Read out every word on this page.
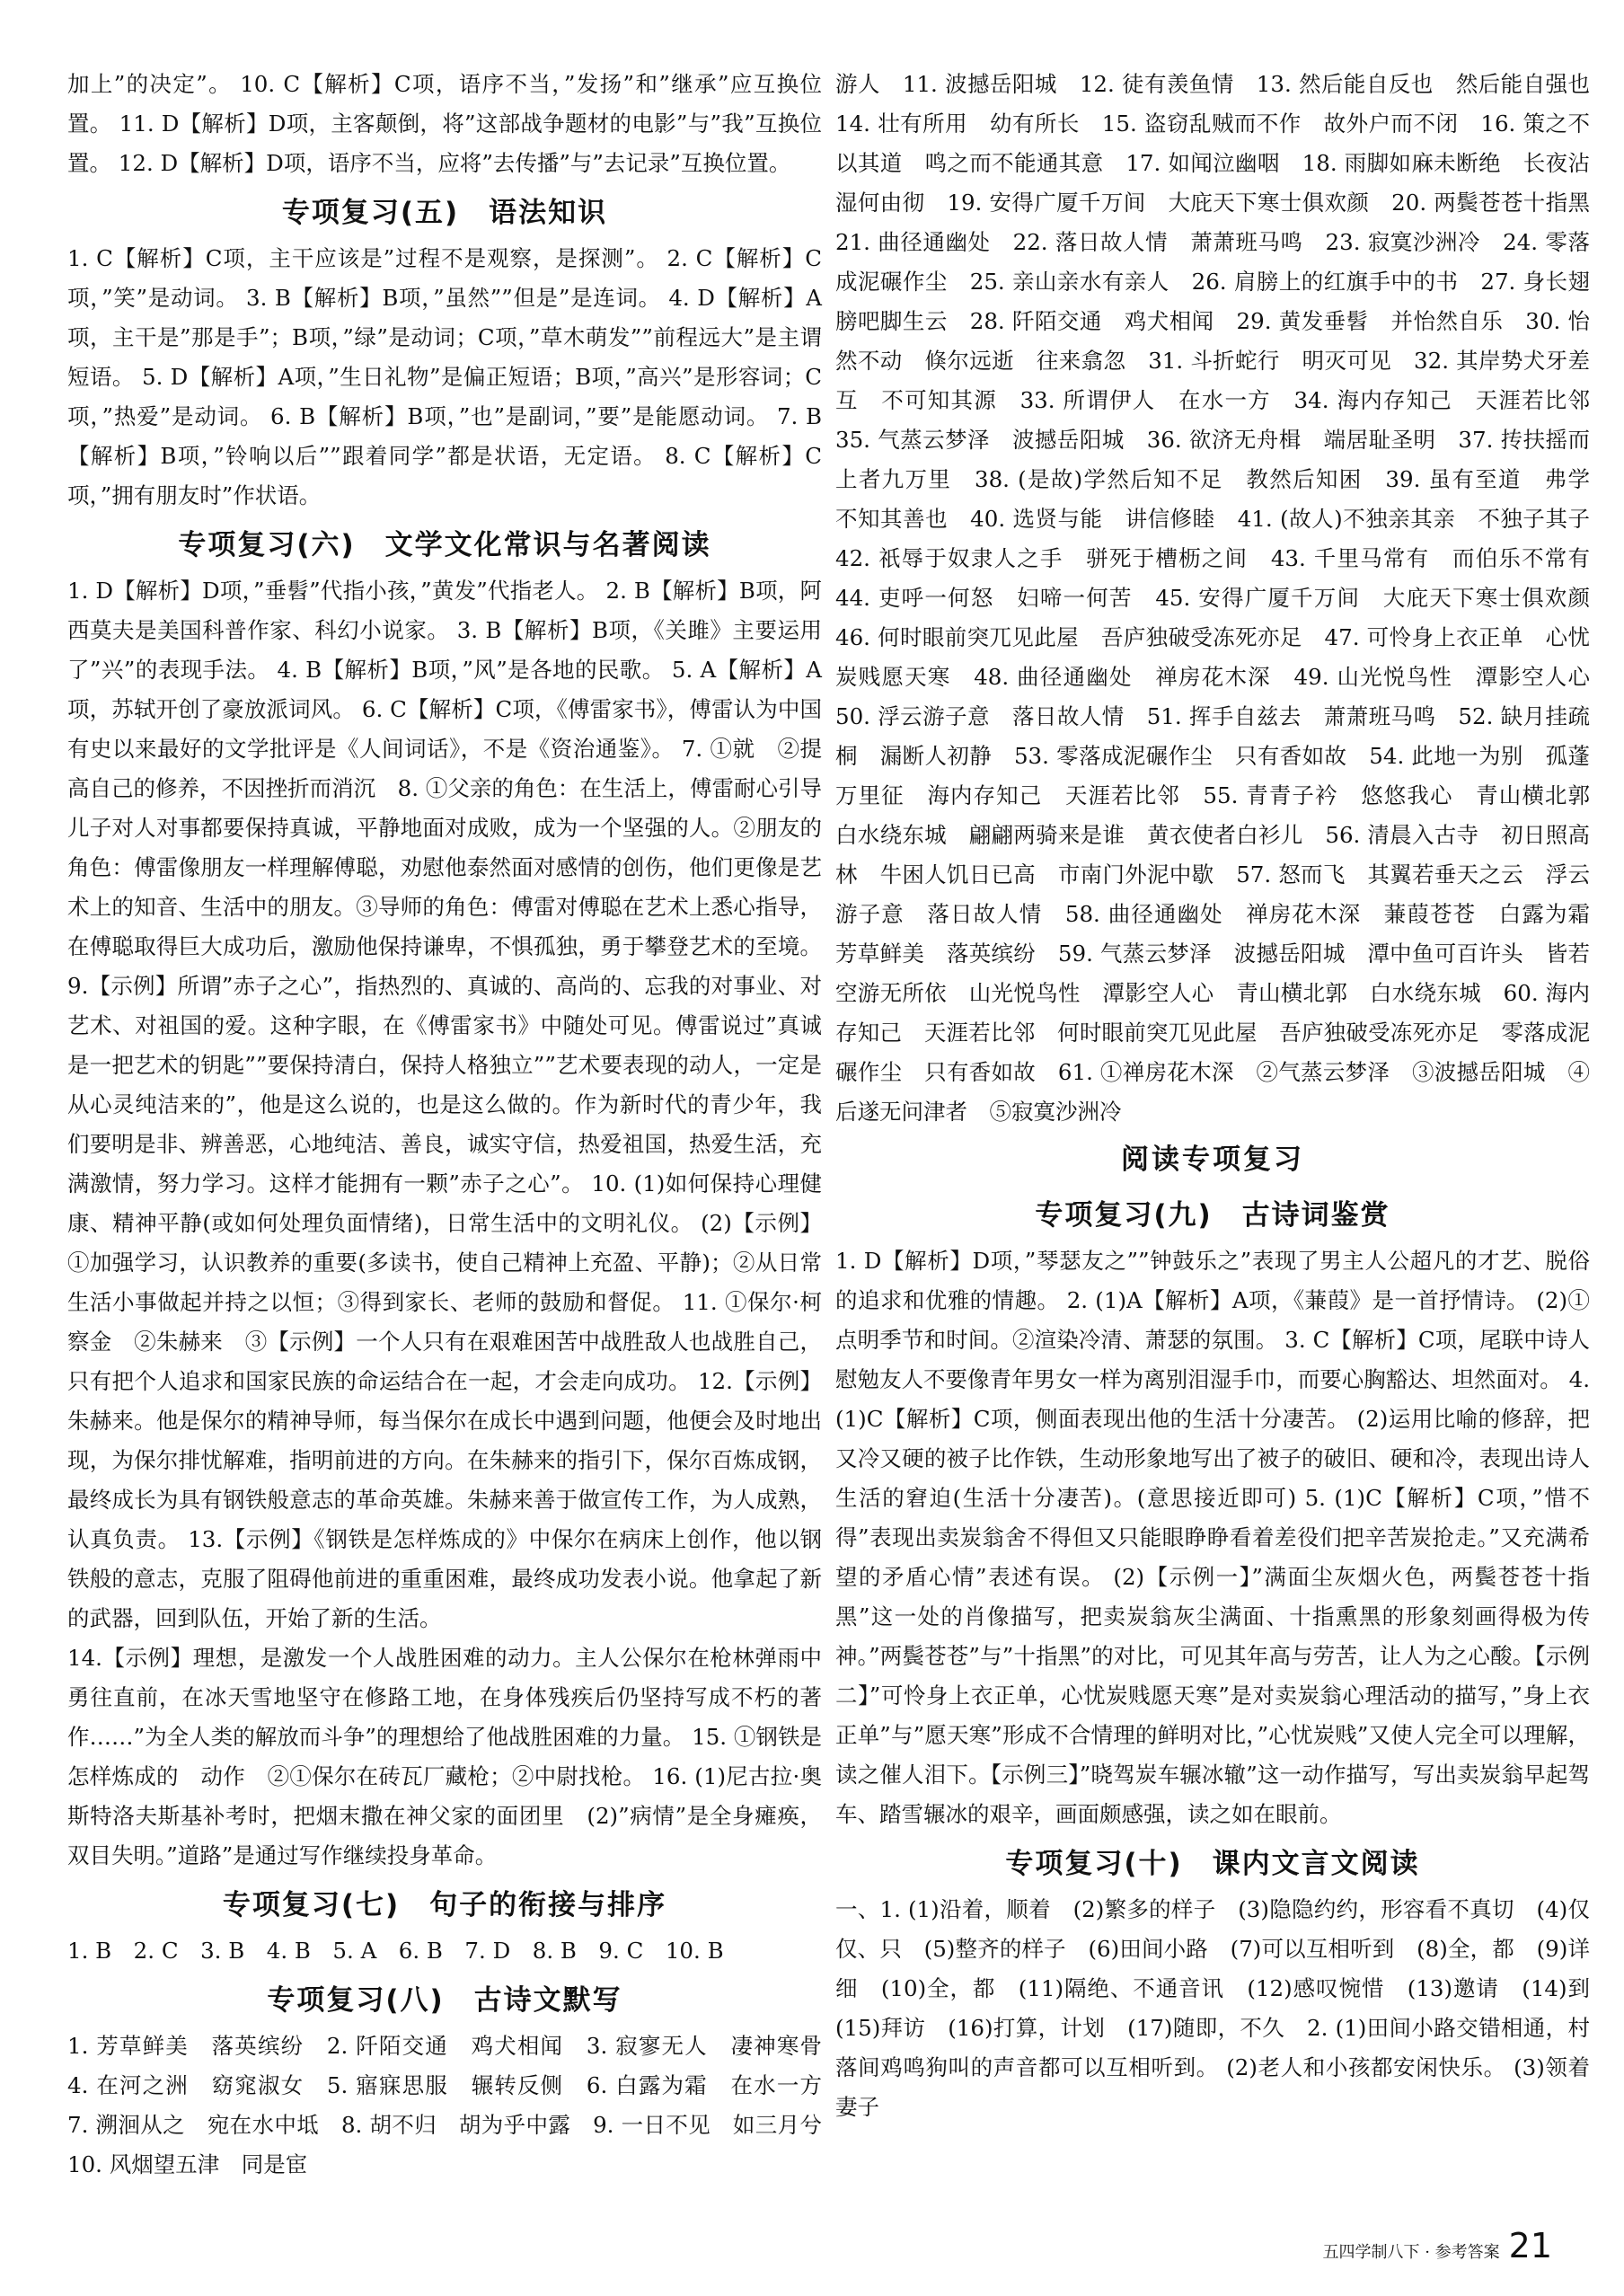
加上”的决定”。 10. C【解析】C项，语序不当，”发扬”和”继承”应互换位置。 11. D【解析】D项，主客颠倒，将”这部战争题材的电影”与”我”互换位置。 12. D【解析】D项，语序不当，应将”去传播”与”去记录”互换位置。

专项复习(五)　语法知识

1. C【解析】C项，主干应该是”过程不是观察，是探测”。 2. C【解析】C项，”笑”是动词。 3. B【解析】B项，”虽然””但是”是连词。 4. D【解析】A项，主干是”那是手”；B项，”绿”是动词；C项，”草木萌发””前程远大”是主谓短语。 5. D【解析】A项，”生日礼物”是偏正短语；B项，”高兴”是形容词；C项，”热爱”是动词。 6. B【解析】B项，”也”是副词，”要”是能愿动词。 7. B【解析】B项，”铃响以后””跟着同学”都是状语，无定语。 8. C【解析】C项，”拥有朋友时”作状语。

专项复习(六)　文学文化常识与名著阅读

1. D【解析】D项，”垂髫”代指小孩，”黄发”代指老人。 2. B【解析】B项，阿西莫夫是美国科普作家、科幻小说家。 3. B【解析】B项，《关雎》主要运用了”兴”的表现手法。 4. B【解析】B项，”风”是各地的民歌。 5. A【解析】A项，苏轼开创了豪放派词风。 6. C【解析】C项，《傅雷家书》，傅雷认为中国有史以来最好的文学批评是《人间词话》，不是《资治通鉴》。 7. ①就　②提高自己的修养，不因挫折而消沉　8. ①父亲的角色：在生活上，傅雷耐心引导儿子对人对事都要保持真诚，平静地面对成败，成为一个坚强的人。②朋友的角色：傅雷像朋友一样理解傅聪，劝慰他泰然面对感情的创伤，他们更像是艺术上的知音、生活中的朋友。③导师的角色：傅雷对傅聪在艺术上悉心指导，在傅聪取得巨大成功后，激励他保持谦卑，不惧孤独，勇于攀登艺术的至境。 9.【示例】所谓”赤子之心”，指热烈的、真诚的、高尚的、忘我的对事业、对艺术、对祖国的爱。这种字眼，在《傅雷家书》中随处可见。傅雷说过”真诚是一把艺术的钥匙””要保持清白，保持人格独立””艺术要表现的动人，一定是从心灵纯洁来的”，他是这么说的，也是这么做的。作为新时代的青少年，我们要明是非、辨善恶，心地纯洁、善良，诚实守信，热爱祖国，热爱生活，充满激情，努力学习。这样才能拥有一颗”赤子之心”。 10. (1)如何保持心理健康、精神平静(或如何处理负面情绪)，日常生活中的文明礼仪。 (2)【示例】①加强学习，认识教养的重要(多读书，使自己精神上充盈、平静)；②从日常生活小事做起并持之以恒；③得到家长、老师的鼓励和督促。 11. ①保尔·柯察金　②朱赫来　③【示例】一个人只有在艰难困苦中战胜敌人也战胜自己，只有把个人追求和国家民族的命运结合在一起，才会走向成功。 12.【示例】朱赫来。他是保尔的精神导师，每当保尔在成长中遇到问题，他便会及时地出现，为保尔排忧解难，指明前进的方向。在朱赫来的指引下，保尔百炼成钢，最终成长为具有钢铁般意志的革命英雄。朱赫来善于做宣传工作，为人成熟，认真负责。 13.【示例】《钢铁是怎样炼成的》中保尔在病床上创作，他以钢铁般的意志，克服了阻碍他前进的重重困难，最终成功发表小说。他拿起了新的武器，回到队伍，开始了新的生活。

14.【示例】理想，是激发一个人战胜困难的动力。主人公保尔在枪林弹雨中勇往直前，在冰天雪地坚守在修路工地，在身体残疾后仍坚持写成不朽的著作……”为全人类的解放而斗争”的理想给了他战胜困难的力量。 15. ①钢铁是怎样炼成的　动作　②①保尔在砖瓦厂藏枪；②中尉找枪。 16. (1)尼古拉·奥斯特洛夫斯基补考时，把烟末撒在神父家的面团里　(2)”病情”是全身瘫痪，双目失明。”道路”是通过写作继续投身革命。

专项复习(七)　句子的衔接与排序

1. B　2. C　3. B　4. B　5. A　6. B　7. D　8. B　9. C　10. B

专项复习(八)　古诗文默写

1. 芳草鲜美　落英缤纷　2. 阡陌交通　鸡犬相闻　3. 寂寥无人　凄神寒骨　4. 在河之洲　窈窕淑女　5. 寤寐思服　辗转反侧　6. 白露为霜　在水一方　7. 溯洄从之　宛在水中坻　8. 胡不归　胡为乎中露　9. 一日不见　如三月兮　10. 风烟望五津　同是宦

游人　11. 波撼岳阳城　12. 徒有羡鱼情　13. 然后能自反也　然后能自强也　14. 壮有所用　幼有所长　15. 盗窃乱贼而不作　故外户而不闭　16. 策之不以其道　鸣之而不能通其意　17. 如闻泣幽咽　18. 雨脚如麻未断绝　长夜沾湿何由彻　19. 安得广厦千万间　大庇天下寒士俱欢颜　20. 两鬓苍苍十指黑　21. 曲径通幽处　22. 落日故人情　萧萧班马鸣　23. 寂寞沙洲冷　24. 零落成泥碾作尘　25. 亲山亲水有亲人　26. 肩膀上的红旗手中的书　27. 身长翅膀吧脚生云　28. 阡陌交通　鸡犬相闻　29. 黄发垂髫　并怡然自乐　30. 怡然不动　倏尔远逝　往来翕忽　31. 斗折蛇行　明灭可见　32. 其岸势犬牙差互　不可知其源　33. 所谓伊人　在水一方　34. 海内存知己　天涯若比邻　35. 气蒸云梦泽　波撼岳阳城　36. 欲济无舟楫　端居耻圣明　37. 抟扶摇而上者九万里　38. (是故)学然后知不足　教然后知困　39. 虽有至道　弗学　不知其善也　40. 选贤与能　讲信修睦　41. (故人)不独亲其亲　不独子其子　42. 祇辱于奴隶人之手　骈死于槽枥之间　43. 千里马常有　而伯乐不常有　44. 吏呼一何怒　妇啼一何苦　45. 安得广厦千万间　大庇天下寒士俱欢颜　46. 何时眼前突兀见此屋　吾庐独破受冻死亦足　47. 可怜身上衣正单　心忧炭贱愿天寒　48. 曲径通幽处　禅房花木深　49. 山光悦鸟性　潭影空人心　50. 浮云游子意　落日故人情　51. 挥手自兹去　萧萧班马鸣　52. 缺月挂疏桐　漏断人初静　53. 零落成泥碾作尘　只有香如故　54. 此地一为别　孤蓬万里征　海内存知己　天涯若比邻　55. 青青子衿　悠悠我心　青山横北郭　白水绕东城　翩翩两骑来是谁　黄衣使者白衫儿　56. 清晨入古寺　初日照高林　牛困人饥日已高　市南门外泥中歇　57. 怒而飞　其翼若垂天之云　浮云游子意　落日故人情　58. 曲径通幽处　禅房花木深　蒹葭苍苍　白露为霜　芳草鲜美　落英缤纷　59. 气蒸云梦泽　波撼岳阳城　潭中鱼可百许头　皆若空游无所依　山光悦鸟性　潭影空人心　青山横北郭　白水绕东城　60. 海内存知己　天涯若比邻　何时眼前突兀见此屋　吾庐独破受冻死亦足　零落成泥碾作尘　只有香如故　61. ①禅房花木深　②气蒸云梦泽　③波撼岳阳城　④后遂无问津者　⑤寂寞沙洲冷

阅读专项复习
专项复习(九)　古诗词鉴赏

1. D【解析】D项，”琴瑟友之””钟鼓乐之”表现了男主人公超凡的才艺、脱俗的追求和优雅的情趣。 2. (1)A【解析】A项，《蒹葭》是一首抒情诗。 (2)①点明季节和时间。②渲染冷清、萧瑟的氛围。 3. C【解析】C项，尾联中诗人慰勉友人不要像青年男女一样为离别泪湿手巾，而要心胸豁达、坦然面对。 4. (1)C【解析】C项，侧面表现出他的生活十分凄苦。 (2)运用比喻的修辞，把又冷又硬的被子比作铁，生动形象地写出了被子的破旧、硬和冷，表现出诗人生活的窘迫(生活十分凄苦)。(意思接近即可) 5. (1)C【解析】C项，”惜不得”表现出卖炭翁舍不得但又只能眼睁睁看着差役们把辛苦炭抢走。”又充满希望的矛盾心情”表述有误。 (2)【示例一】”满面尘灰烟火色，两鬓苍苍十指黑”这一处的肖像描写，把卖炭翁灰尘满面、十指熏黑的形象刻画得极为传神。”两鬓苍苍”与”十指黑”的对比，可见其年高与劳苦，让人为之心酸。【示例二】”可怜身上衣正单，心忧炭贱愿天寒”是对卖炭翁心理活动的描写，”身上衣正单”与”愿天寒”形成不合情理的鲜明对比，”心忧炭贱”又使人完全可以理解，读之催人泪下。【示例三】”晓驾炭车辗冰辙”这一动作描写，写出卖炭翁早起驾车、踏雪辗冰的艰辛，画面颇感强，读之如在眼前。

专项复习(十)　课内文言文阅读

一、1. (1)沿着，顺着　(2)繁多的样子　(3)隐隐约约，形容看不真切　(4)仅仅、只　(5)整齐的样子　(6)田间小路　(7)可以互相听到　(8)全，都　(9)详细　(10)全，都　(11)隔绝、不通音讯　(12)感叹惋惜　(13)邀请　(14)到　(15)拜访　(16)打算，计划　(17)随即，不久　2. (1)田间小路交错相通，村落间鸡鸣狗叫的声音都可以互相听到。 (2)老人和小孩都安闲快乐。 (3)领着妻子

五四学制八下 · 参考答案 21
